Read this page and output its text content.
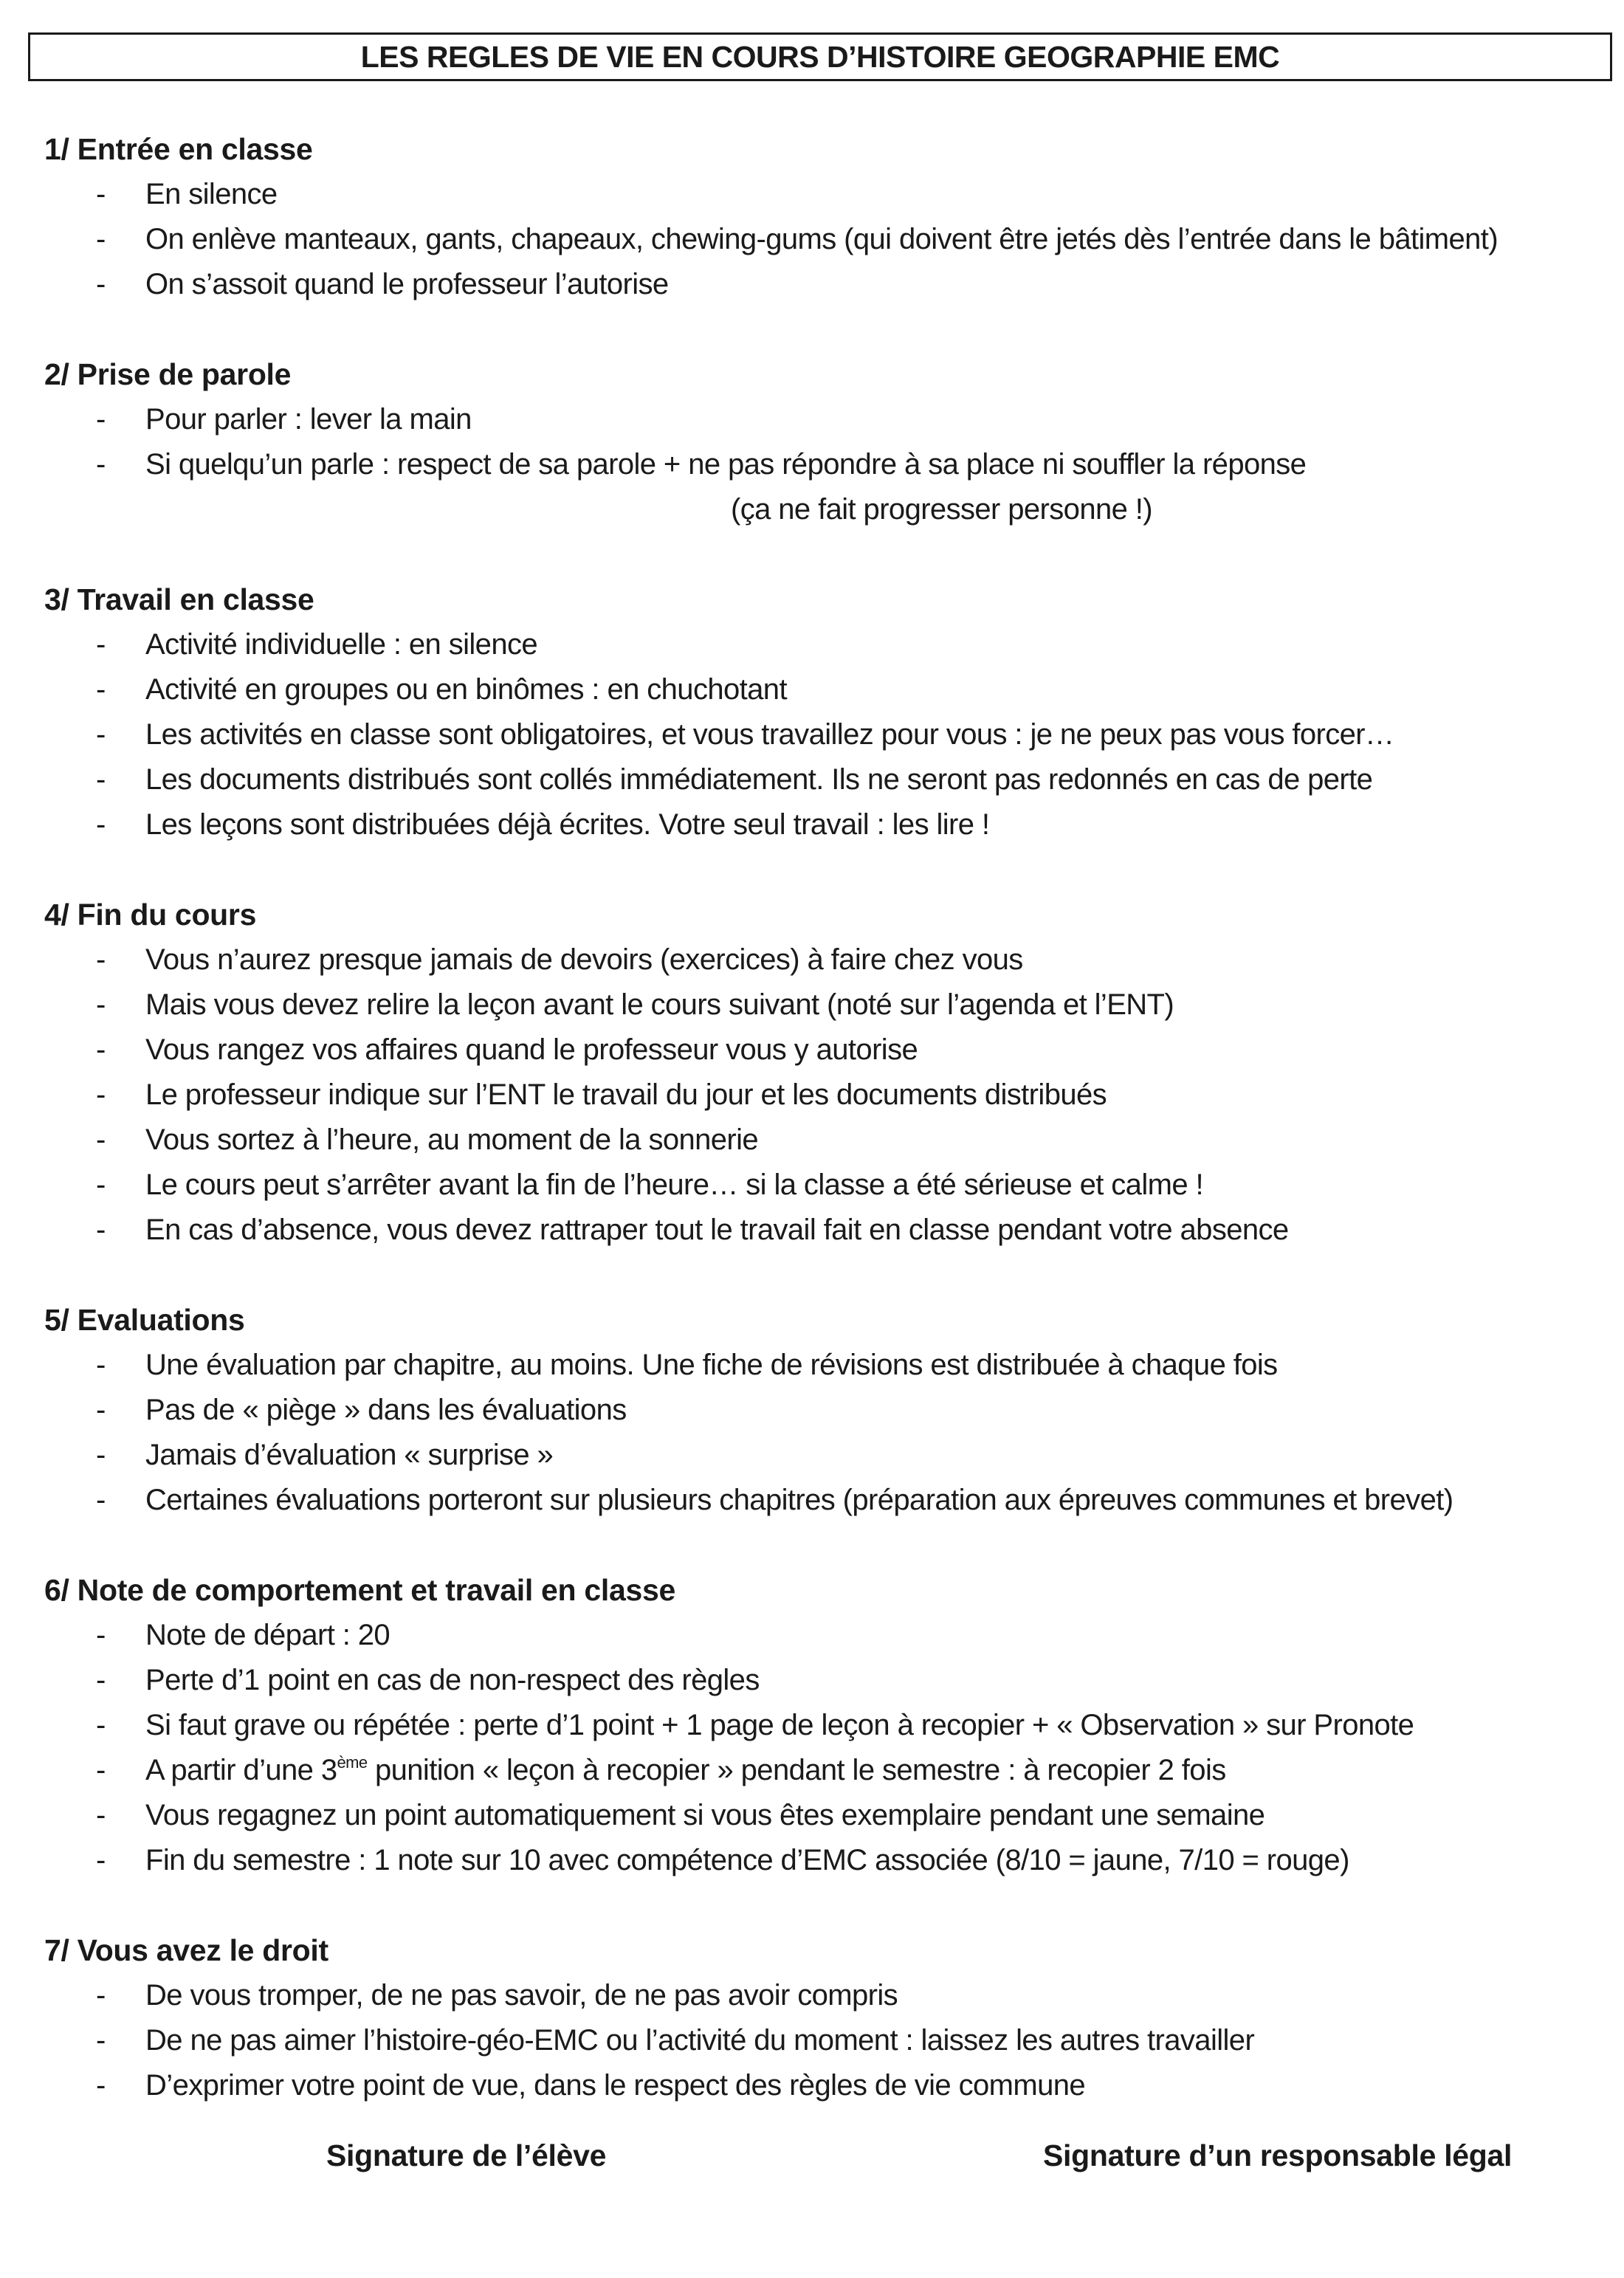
LES REGLES DE VIE EN COURS D’HISTOIRE GEOGRAPHIE EMC
1/ Entrée en classe
- En silence
- On enlève manteaux, gants, chapeaux, chewing-gums (qui doivent être jetés dès l’entrée dans le bâtiment)
- On s’assoit quand le professeur l’autorise
2/ Prise de parole
- Pour parler : lever la main
- Si quelqu’un parle : respect de sa parole + ne pas répondre à sa place ni souffler la réponse
(ça ne fait progresser personne !)
3/ Travail en classe
- Activité individuelle : en silence
- Activité en groupes ou en binômes : en chuchotant
- Les activités en classe sont obligatoires, et vous travaillez pour vous : je ne peux pas vous forcer…
- Les documents distribués sont collés immédiatement. Ils ne seront pas redonnés en cas de perte
- Les leçons sont distribuées déjà écrites. Votre seul travail : les lire !
4/ Fin du cours
- Vous n’aurez presque jamais de devoirs (exercices) à faire chez vous
- Mais vous devez relire la leçon avant le cours suivant (noté sur l’agenda et l’ENT)
- Vous rangez vos affaires quand le professeur vous y autorise
- Le professeur indique sur l’ENT le travail du jour et les documents distribués
- Vous sortez à l’heure, au moment de la sonnerie
- Le cours peut s’arrêter avant la fin de l’heure… si la classe a été sérieuse et calme !
- En cas d’absence, vous devez rattraper tout le travail fait en classe pendant votre absence
5/ Evaluations
- Une évaluation par chapitre, au moins. Une fiche de révisions est distribuée à chaque fois
- Pas de « piège » dans les évaluations
- Jamais d’évaluation « surprise »
- Certaines évaluations porteront sur plusieurs chapitres (préparation aux épreuves communes et brevet)
6/ Note de comportement et travail en classe
- Note de départ : 20
- Perte d’1 point en cas de non-respect des règles
- Si faut grave ou répétée : perte d’1 point + 1 page de leçon à recopier + « Observation » sur Pronote
- A partir d’une 3ème punition « leçon à recopier » pendant le semestre : à recopier 2 fois
- Vous regagnez un point automatiquement si vous êtes exemplaire pendant une semaine
- Fin du semestre : 1 note sur 10 avec compétence d’EMC associée (8/10 = jaune, 7/10 = rouge)
7/ Vous avez le droit
- De vous tromper, de ne pas savoir, de ne pas avoir compris
- De ne pas aimer l’histoire-géo-EMC ou l’activité du moment : laissez les autres travailler
- D’exprimer votre point de vue, dans le respect des règles de vie commune
Signature de l’élève	Signature d’un responsable légal
